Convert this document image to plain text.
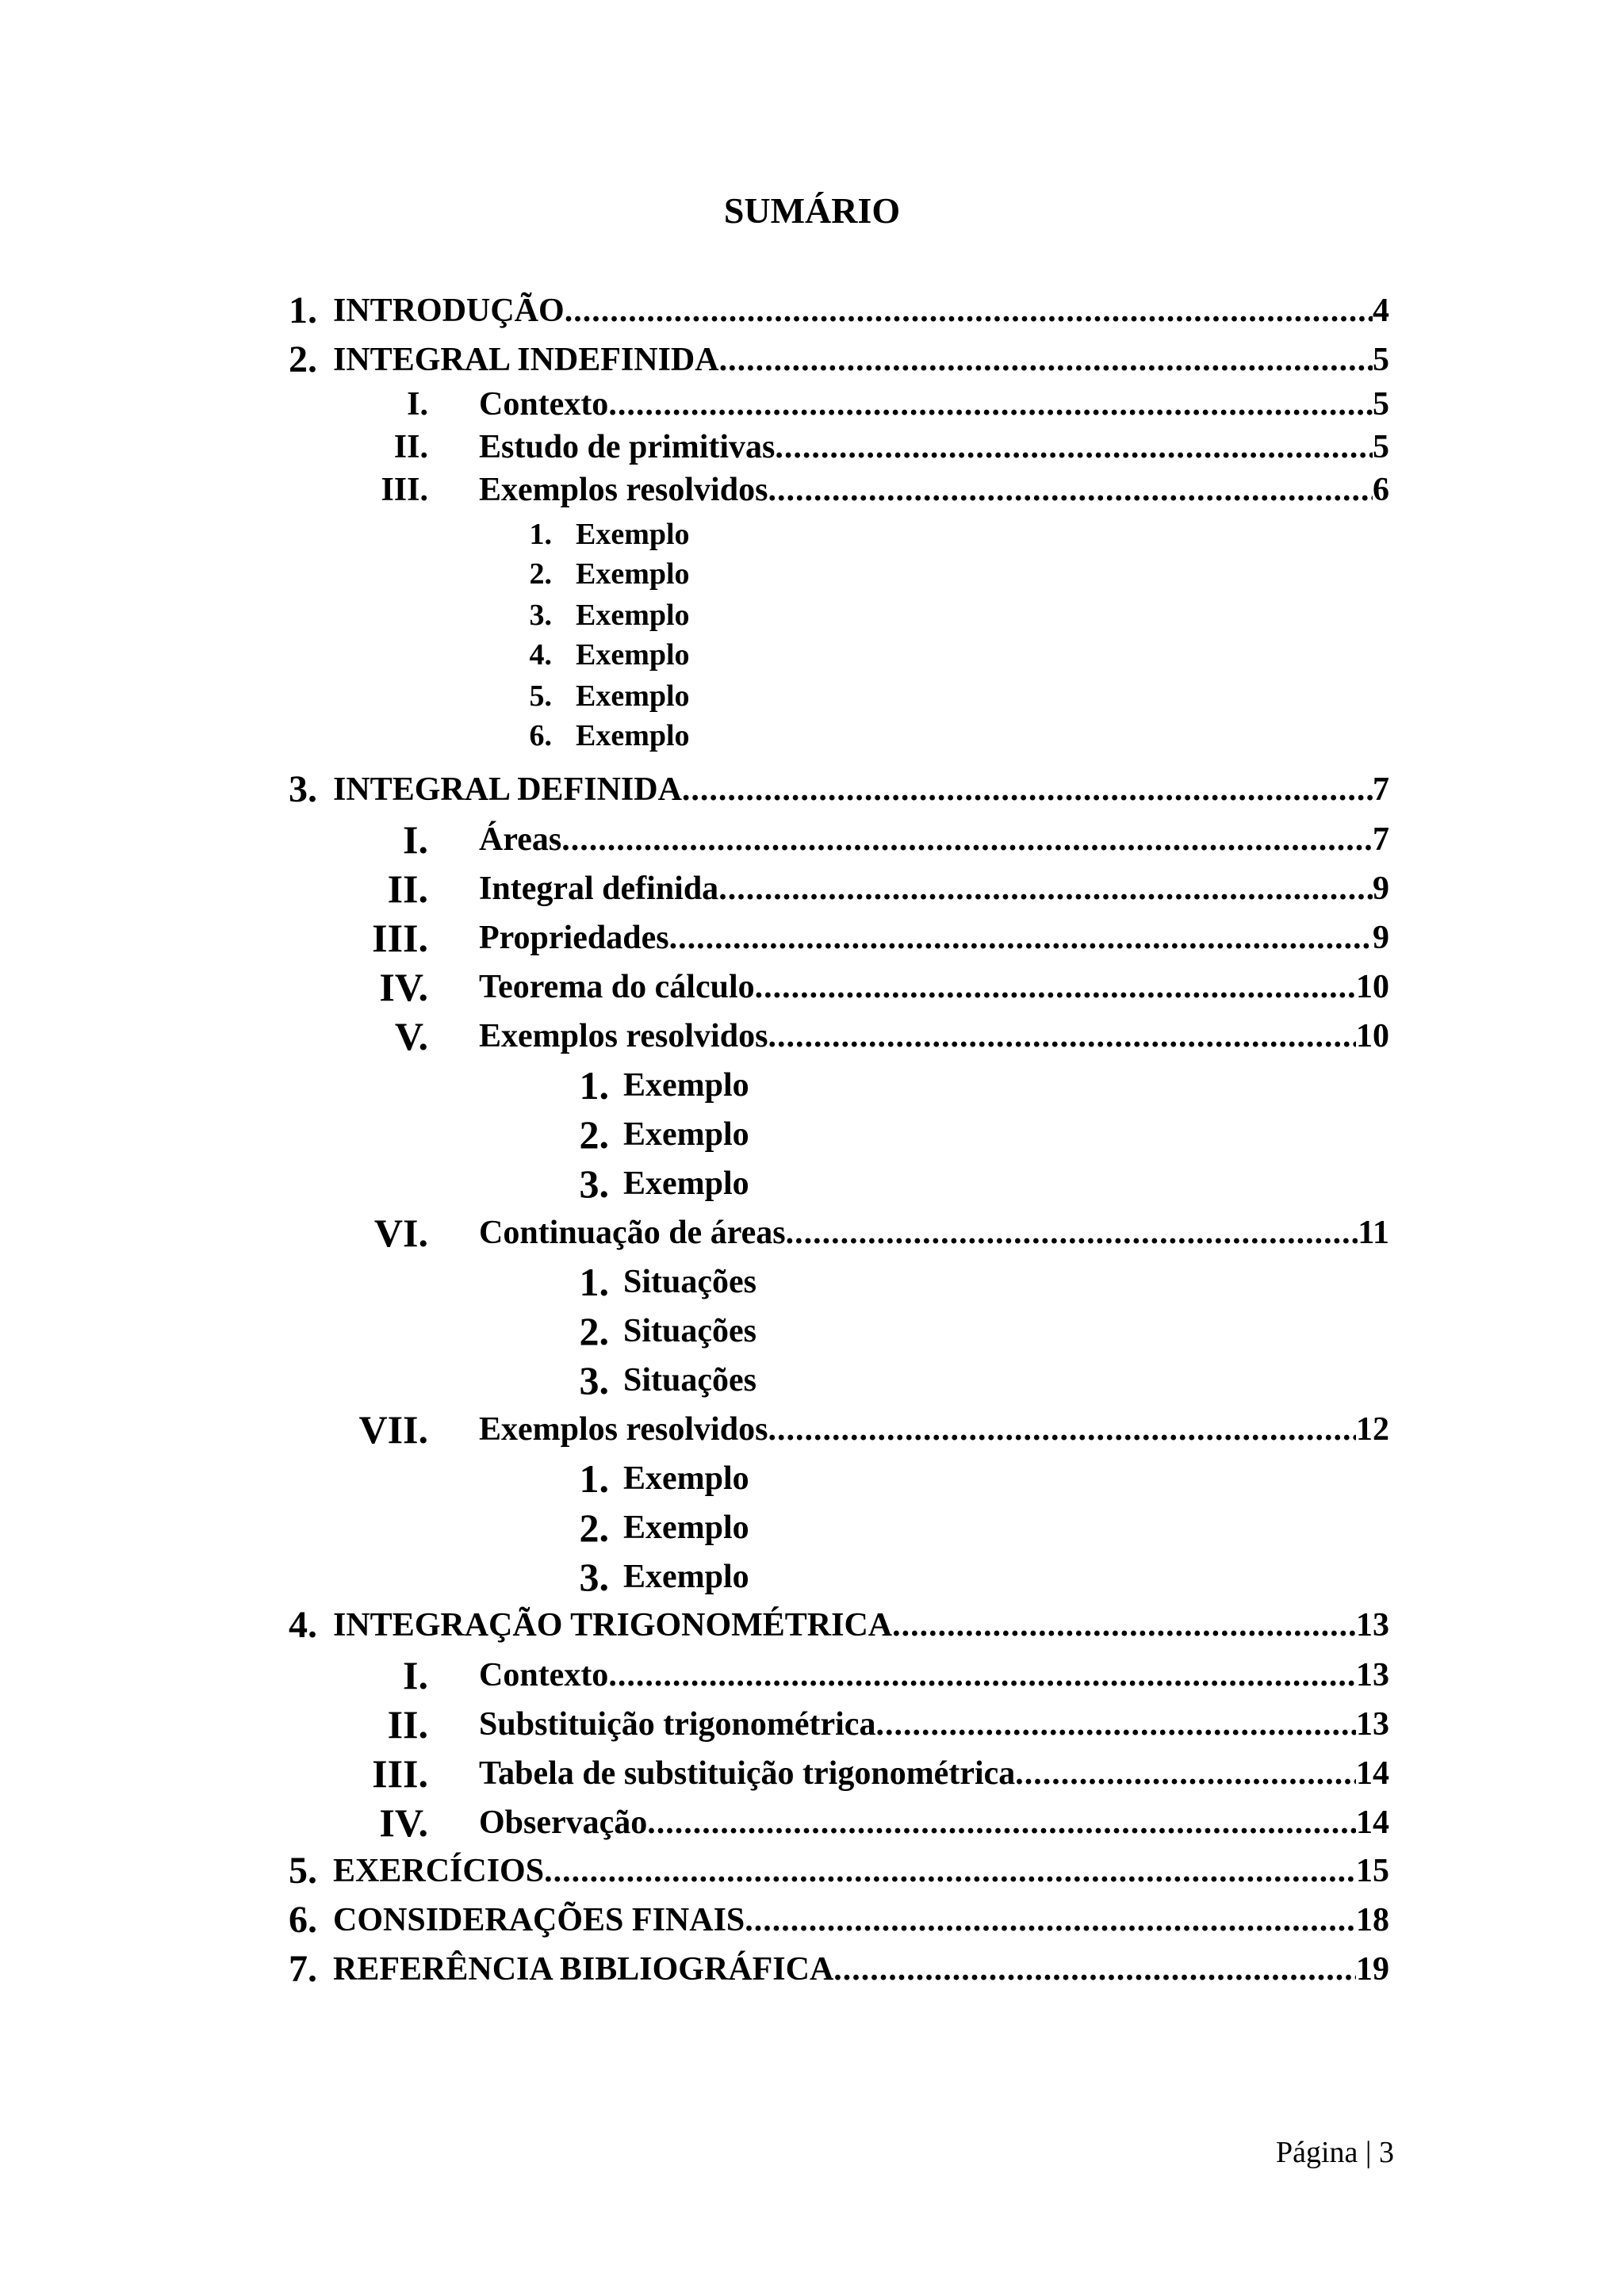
SUMÁRIO
1. INTRODUÇÃO .....	4
2. INTEGRAL INDEFINIDA .....	5
I. Contexto .....	5
II. Estudo de primitivas .....	5
III. Exemplos resolvidos .....	6
1. Exemplo
2. Exemplo
3. Exemplo
4. Exemplo
5. Exemplo
6. Exemplo
3. INTEGRAL DEFINIDA .....	7
I. Áreas .....	7
II. Integral definida .....	9
III. Propriedades .....	9
IV. Teorema do cálculo .....	10
V. Exemplos resolvidos .....	10
1. Exemplo
2. Exemplo
3. Exemplo
VI. Continuação de áreas .....	11
1. Situações
2. Situações
3. Situações
VII. Exemplos resolvidos .....	12
1. Exemplo
2. Exemplo
3. Exemplo
4. INTEGRAÇÃO TRIGONOMÉTRICA .....	13
I. Contexto .....	13
II. Substituição trigonométrica .....	13
III. Tabela de substituição trigonométrica .....	14
IV. Observação .....	14
5. EXERCÍCIOS .....	15
6. CONSIDERAÇÕES FINAIS .....	18
7. REFERÊNCIA BIBLIOGRÁFICA .....	19
Página | 3
